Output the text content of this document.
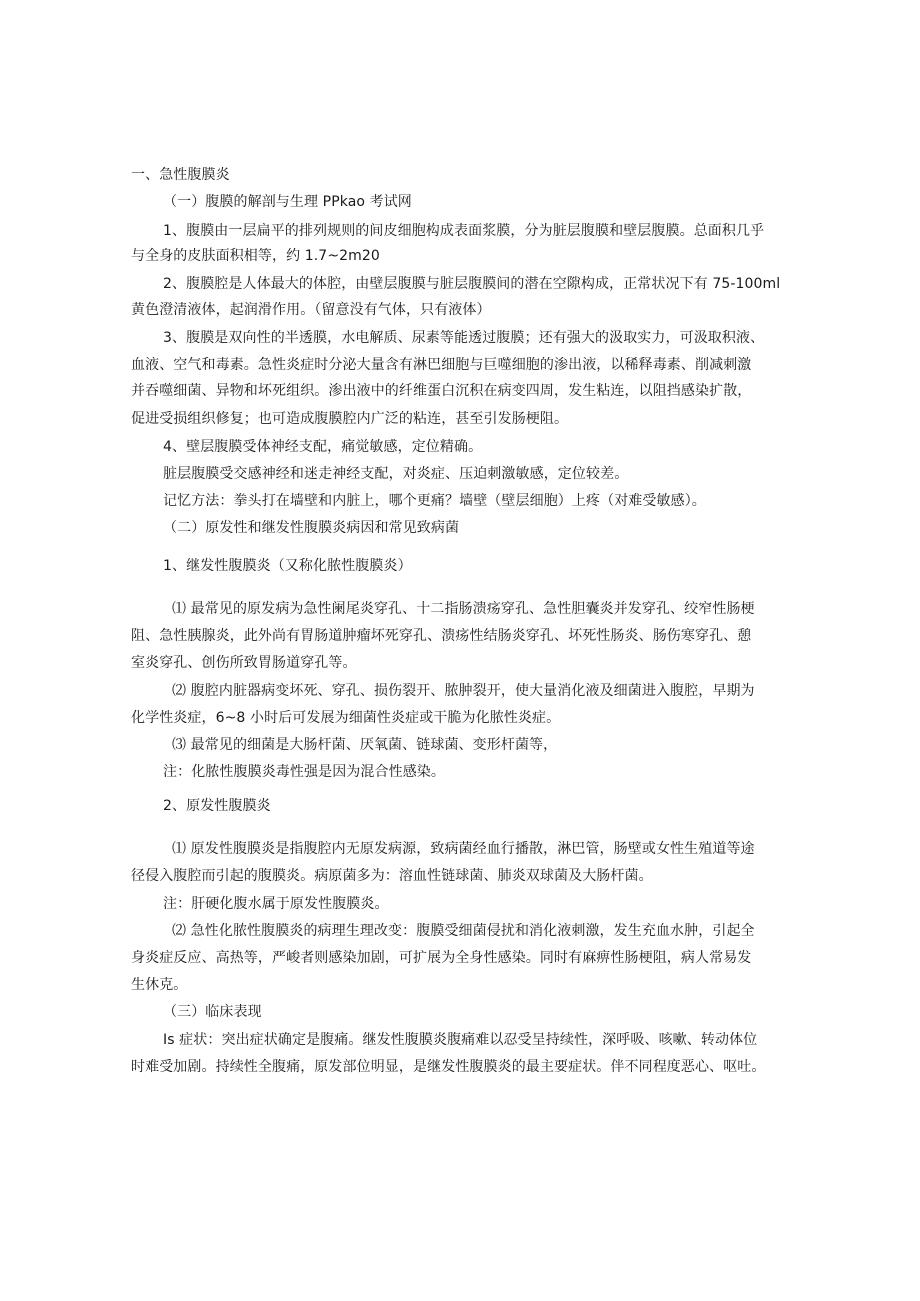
一、急性腹膜炎
（一）腹膜的解剖与生理 PPkao 考试网
1、腹膜由一层扁平的排列规则的间皮细胞构成表面浆膜，分为脏层腹膜和壁层腹膜。总面积几乎
与全身的皮肤面积相等，约 1.7~2m20
2、腹膜腔是人体最大的体腔，由壁层腹膜与脏层腹膜间的潜在空隙构成，正常状况下有 75-100ml
黄色澄清液体，起润滑作用。（留意没有气体，只有液体）
3、腹膜是双向性的半透膜，水电解质、尿素等能透过腹膜；还有强大的汲取实力，可汲取积液、
血液、空气和毒素。急性炎症时分泌大量含有淋巴细胞与巨噬细胞的渗出液，以稀释毒素、削减刺激
并吞噬细菌、异物和坏死组织。渗出液中的纤维蛋白沉积在病变四周，发生粘连，以阻挡感染扩散，
促进受损组织修复；也可造成腹膜腔内广泛的粘连，甚至引发肠梗阻。
4、壁层腹膜受体神经支配，痛觉敏感，定位精确。
脏层腹膜受交感神经和迷走神经支配，对炎症、压迫刺激敏感，定位较差。
记忆方法：拳头打在墙壁和内脏上，哪个更痛？墙壁（壁层细胞）上疼（对难受敏感）。
（二）原发性和继发性腹膜炎病因和常见致病菌
1、继发性腹膜炎（又称化脓性腹膜炎）
⑴ 最常见的原发病为急性阑尾炎穿孔、十二指肠溃疡穿孔、急性胆囊炎并发穿孔、绞窄性肠梗
阻、急性胰腺炎，此外尚有胃肠道肿瘤坏死穿孔、溃疡性结肠炎穿孔、坏死性肠炎、肠伤寒穿孔、憩
室炎穿孔、创伤所致胃肠道穿孔等。
⑵ 腹腔内脏器病变坏死、穿孔、损伤裂开、脓肿裂开，使大量消化液及细菌进入腹腔，早期为
化学性炎症，6~8 小时后可发展为细菌性炎症或干脆为化脓性炎症。
⑶ 最常见的细菌是大肠杆菌、厌氧菌、链球菌、变形杆菌等，
注：化脓性腹膜炎毒性强是因为混合性感染。
2、原发性腹膜炎
⑴ 原发性腹膜炎是指腹腔内无原发病源，致病菌经血行播散，淋巴管，肠壁或女性生殖道等途
径侵入腹腔而引起的腹膜炎。病原菌多为：溶血性链球菌、肺炎双球菌及大肠杆菌。
注：肝硬化腹水属于原发性腹膜炎。
⑵ 急性化脓性腹膜炎的病理生理改变：腹膜受细菌侵扰和消化液刺激，发生充血水肿，引起全
身炎症反应、高热等，严峻者则感染加剧，可扩展为全身性感染。同时有麻痹性肠梗阻，病人常易发
生休克。
（三）临床表现
Is 症状：突出症状确定是腹痛。继发性腹膜炎腹痛难以忍受呈持续性，深呼吸、咳嗽、转动体位
时难受加剧。持续性全腹痛，原发部位明显，是继发性腹膜炎的最主要症状。伴不同程度恶心、呕吐。
